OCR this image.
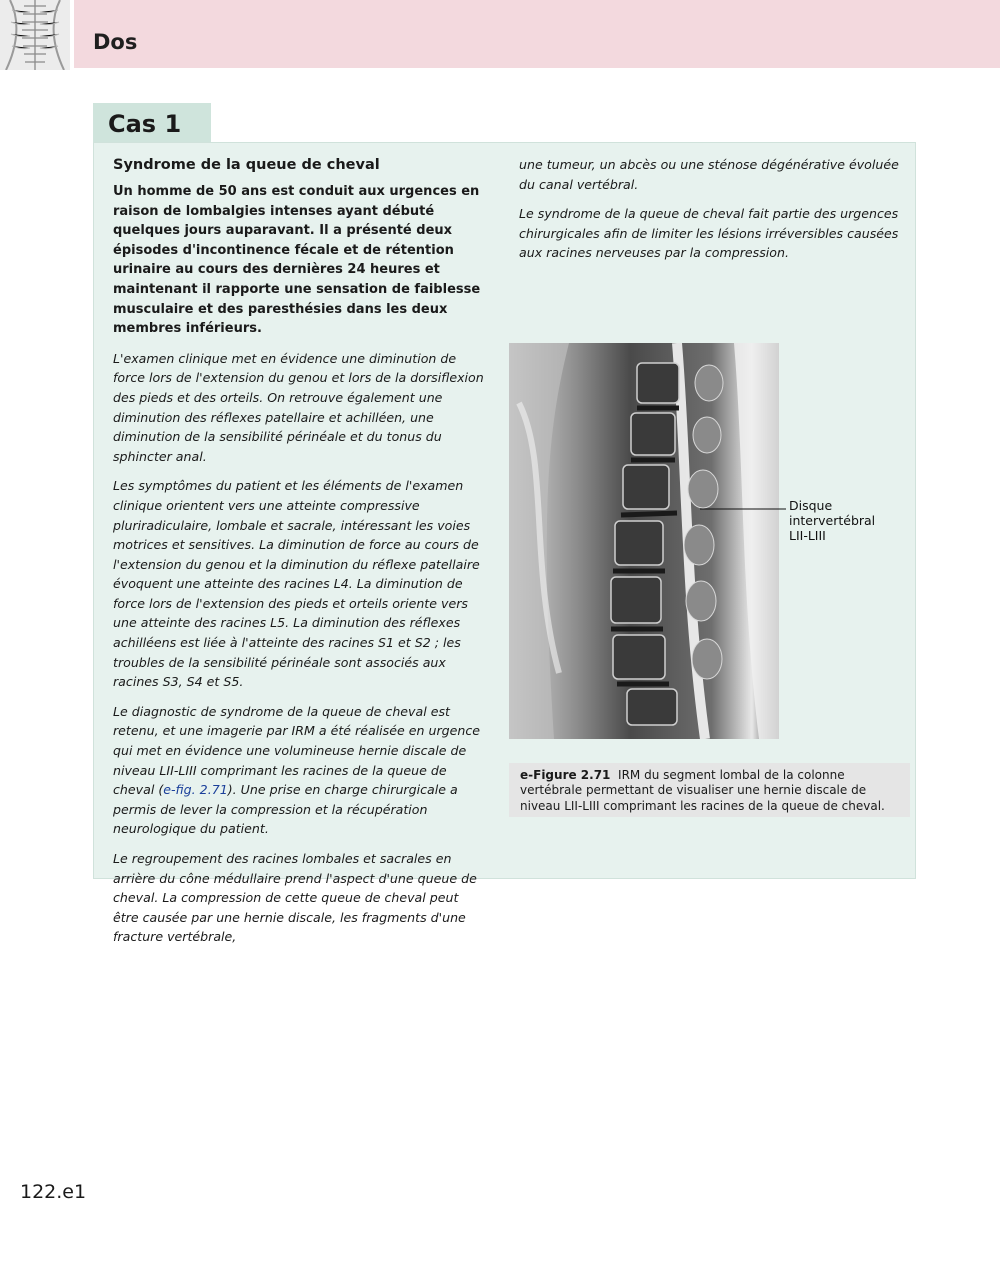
Dos
Cas 1

Syndrome de la queue de cheval

Un homme de 50 ans est conduit aux urgences en raison de lombalgies intenses ayant débuté quelques jours auparavant. Il a présenté deux épisodes d'incontinence fécale et de rétention urinaire au cours des dernières 24 heures et maintenant il rapporte une sensation de faiblesse musculaire et des paresthésies dans les deux membres inférieurs.

L'examen clinique met en évidence une diminution de force lors de l'extension du genou et lors de la dorsiflexion des pieds et des orteils. On retrouve également une diminution des réflexes patellaire et achilléen, une diminution de la sensibilité périnéale et du tonus du sphincter anal.

Les symptômes du patient et les éléments de l'examen clinique orientent vers une atteinte compressive pluriradiculaire, lombale et sacrale, intéressant les voies motrices et sensitives. La diminution de force au cours de l'extension du genou et la diminution du réflexe patellaire évoquent une atteinte des racines L4. La diminution de force lors de l'extension des pieds et orteils oriente vers une atteinte des racines L5. La diminution des réflexes achilléens est liée à l'atteinte des racines S1 et S2 ; les troubles de la sensibilité périnéale sont associés aux racines S3, S4 et S5.

Le diagnostic de syndrome de la queue de cheval est retenu, et une imagerie par IRM a été réalisée en urgence qui met en évidence une volumineuse hernie discale de niveau LII-LIII comprimant les racines de la queue de cheval (e-fig. 2.71). Une prise en charge chirurgicale a permis de lever la compression et la récupération neurologique du patient.

Le regroupement des racines lombales et sacrales en arrière du cône médullaire prend l'aspect d'une queue de cheval. La compression de cette queue de cheval peut être causée par une hernie discale, les fragments d'une fracture vertébrale,

une tumeur, un abcès ou une sténose dégénérative évoluée du canal vertébral.

Le syndrome de la queue de cheval fait partie des urgences chirurgicales afin de limiter les lésions irréversibles causées aux racines nerveuses par la compression.

Disque intervertébral
LII-LIII
e-Figure 2.71 IRM du segment lombal de la colonne vertébrale permettant de visualiser une hernie discale de niveau LII-LIII comprimant les racines de la queue de cheval.
122.e1
